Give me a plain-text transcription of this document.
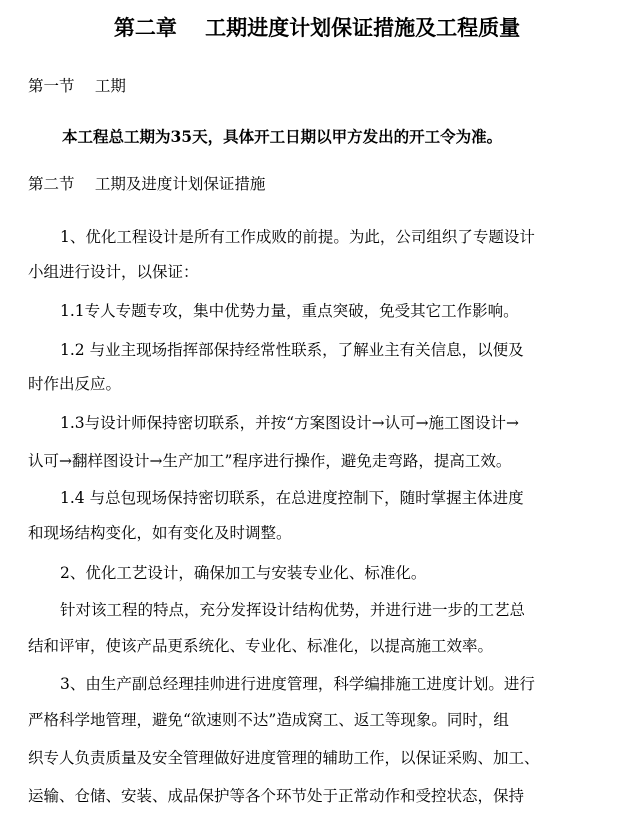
第二章　 工期进度计划保证措施及工程质量
第一节　 工期
本工程总工期为35天，具体开工日期以甲方发出的开工令为准。
第二节　 工期及进度计划保证措施
1、优化工程设计是所有工作成败的前提。为此，公司组织了专题设计
小组进行设计，以保证：
1.1专人专题专攻，集中优势力量，重点突破，免受其它工作影响。
1.2 与业主现场指挥部保持经常性联系，了解业主有关信息，以便及
时作出反应。
1.3与设计师保持密切联系，并按“方案图设计→认可→施工图设计→
认可→翻样图设计→生产加工”程序进行操作，避免走弯路，提高工效。
1.4 与总包现场保持密切联系，在总进度控制下，随时掌握主体进度
和现场结构变化，如有变化及时调整。
2、优化工艺设计，确保加工与安装专业化、标准化。
针对该工程的特点，充分发挥设计结构优势，并进行进一步的工艺总
结和评审，使该产品更系统化、专业化、标准化，以提高施工效率。
3、由生产副总经理挂帅进行进度管理，科学编排施工进度计划。进行
严格科学地管理，避免“欲速则不达”造成窝工、返工等现象。同时，组
织专人负责质量及安全管理做好进度管理的辅助工作，以保证采购、加工、
运输、仓储、安装、成品保护等各个环节处于正常动作和受控状态，保持
